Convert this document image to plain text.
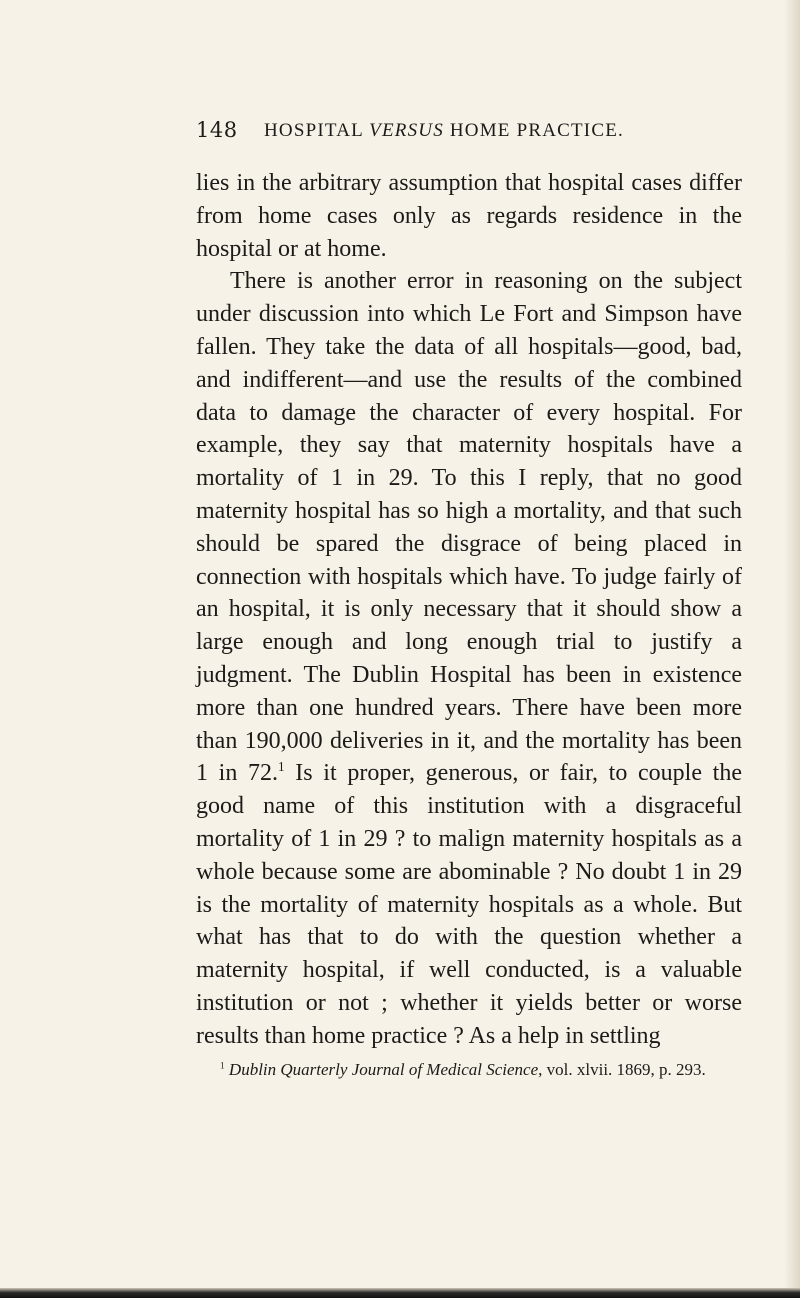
148 HOSPITAL VERSUS HOME PRACTICE.

lies in the arbitrary assumption that hospital cases differ from home cases only as regards residence in the hospital or at home.

There is another error in reasoning on the subject under discussion into which Le Fort and Simpson have fallen. They take the data of all hospitals—good, bad, and indifferent—and use the results of the combined data to damage the character of every hospital. For example, they say that maternity hospitals have a mortality of 1 in 29. To this I reply, that no good maternity hospital has so high a mortality, and that such should be spared the disgrace of being placed in connection with hospitals which have. To judge fairly of an hospital, it is only necessary that it should show a large enough and long enough trial to justify a judgment. The Dublin Hospital has been in existence more than one hundred years. There have been more than 190,000 deliveries in it, and the mortality has been 1 in 72.$^1$ Is it proper, generous, or fair, to couple the good name of this institution with a disgraceful mortality of 1 in 29 ? to malign maternity hospitals as a whole because some are abominable ? No doubt 1 in 29 is the mortality of maternity hospitals as a whole. But what has that to do with the question whether a maternity hospital, if well conducted, is a valuable institution or not ; whether it yields better or worse results than home practice ? As a help in settling

$^1$ Dublin Quarterly Journal of Medical Science, vol. xlvii. 1869, p. 293.
